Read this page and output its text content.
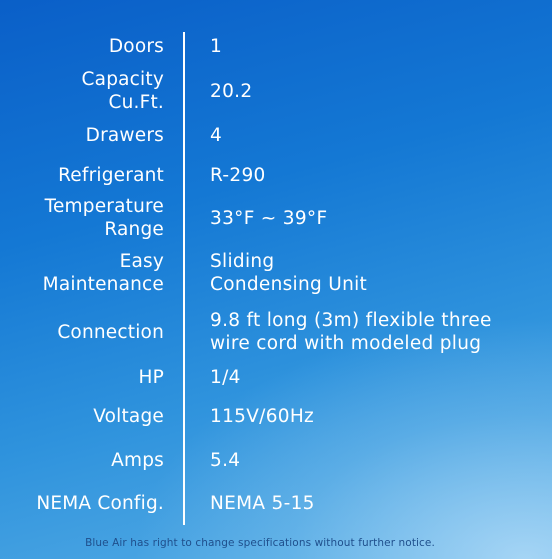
Doors 1
Capacity
Cu.Ft.
20.2
Drawers 4
Refrigerant R-290
Temperature
Range
33°F ~ 39°F
Easy
Maintenance
Sliding
Condensing Unit
Connection
9.8 ft long (3m) flexible three
wire cord with modeled plug
HP 1/4
Voltage 115V/60Hz
Amps 5.4
NEMA Config. NEMA 5-15
Blue Air has right to change specifications without further notice.
